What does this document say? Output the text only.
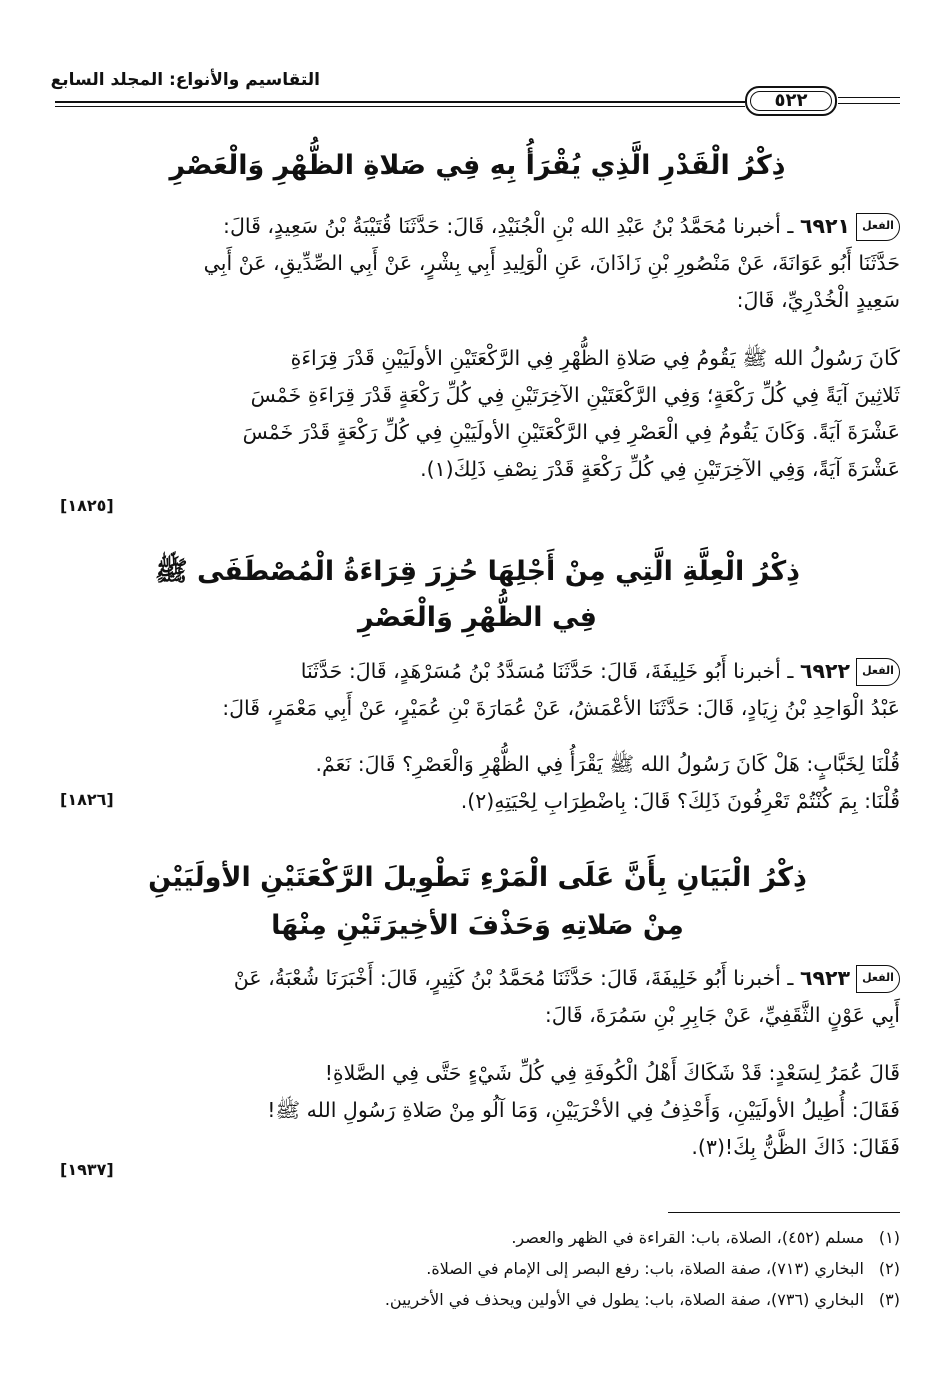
التقاسيم والأنواع: المجلد السابع
٥٢٢
ذِكْرُ الْقَدْرِ الَّذِي يُقْرَأُ بِهِ فِي صَلاةِ الظُّهْرِ وَالْعَصْرِ
الفعل٦٩٢١ ـ أخبرنا مُحَمَّدُ بْنُ عَبْدِ الله بْنِ الْجُنَيْدِ، قَالَ: حَدَّثَنَا قُتَيْبَةُ بْنُ سَعِيدٍ، قَالَ:
حَدَّثَنَا أَبُو عَوَانَةَ، عَنْ مَنْصُورِ بْنِ زَاذَانَ، عَنِ الْوَلِيدِ أَبِي بِشْرٍ، عَنْ أَبِي الصِّدِّيقِ، عَنْ أَبِي
سَعِيدٍ الْخُدْرِيِّ، قَالَ:
كَانَ رَسُولُ الله ﷺ يَقُومُ فِي صَلاةِ الظُّهْرِ فِي الرَّكْعَتَيْنِ الأولَيَيْنِ قَدْرَ قِرَاءَةِ
ثَلاثِينَ آيَةً فِي كُلِّ رَكْعَةٍ؛ وَفِي الرَّكْعَتَيْنِ الآخِرَتَيْنِ فِي كُلِّ رَكْعَةٍ قَدْرَ قِرَاءَةِ خَمْسَ
عَشْرَةَ آيَةً. وَكَانَ يَقُومُ فِي الْعَصْرِ فِي الرَّكْعَتَيْنِ الأولَيَيْنِ فِي كُلِّ رَكْعَةٍ قَدْرَ خَمْسَ
عَشْرَةَ آيَةً، وَفِي الآخِرَتَيْنِ فِي كُلِّ رَكْعَةٍ قَدْرَ نِصْفِ ذَلِكَ(١).
[١٨٢٥]
ذِكْرُ الْعِلَّةِ الَّتِي مِنْ أَجْلِهَا حُزِرَ قِرَاءَةُ الْمُصْطَفَى ﷺ
فِي الظُّهْرِ وَالْعَصْرِ
الفعل٦٩٢٢ ـ أخبرنا أَبُو خَلِيفَةَ، قَالَ: حَدَّثَنَا مُسَدَّدُ بْنُ مُسَرْهَدٍ، قَالَ: حَدَّثَنَا
عَبْدُ الْوَاحِدِ بْنُ زِيَادٍ، قَالَ: حَدَّثَنَا الأعْمَشُ، عَنْ عُمَارَةَ بْنِ عُمَيْرٍ، عَنْ أَبِي مَعْمَرٍ، قَالَ:
قُلْنَا لِخَبَّابٍ: هَلْ كَانَ رَسُولُ الله ﷺ يَقْرَأُ فِي الظُّهْرِ وَالْعَصْرِ؟ قَالَ: نَعَمْ.
قُلْنَا: بِمَ كُنْتُمْ تَعْرِفُونَ ذَلِكَ؟ قَالَ: بِاضْطِرَابِ لِحْيَتِهِ(٢).
[١٨٢٦]
ذِكْرُ الْبَيَانِ بِأَنَّ عَلَى الْمَرْءِ تَطْوِيلَ الرَّكْعَتَيْنِ الأولَيَيْنِ
مِنْ صَلاتِهِ وَحَذْفَ الأخِيرَتَيْنِ مِنْهَا
الفعل٦٩٢٣ ـ أخبرنا أَبُو خَلِيفَةَ، قَالَ: حَدَّثَنَا مُحَمَّدُ بْنُ كَثِيرٍ، قَالَ: أَخْبَرَنَا شُعْبَةُ، عَنْ
أَبِي عَوْنٍ الثَّقَفِيِّ، عَنْ جَابِرِ بْنِ سَمُرَةَ، قَالَ:
قَالَ عُمَرُ لِسَعْدٍ: قَدْ شَكَاكَ أَهْلُ الْكُوفَةِ فِي كُلِّ شَيْءٍ حَتَّى فِي الصَّلاةِ!
فَقَالَ: أُطِيلُ الأولَيَيْنِ، وَأَحْذِفُ فِي الأخْرَيَيْنِ، وَمَا آلُو مِنْ صَلاةِ رَسُولِ الله ﷺ!
فَقَالَ: ذَاكَ الظَّنُّ بِكَ!(٣).
[١٩٣٧]
(١)مسلم (٤٥٢)، الصلاة، باب: القراءة في الظهر والعصر.
(٢)البخاري (٧١٣)، صفة الصلاة، باب: رفع البصر إلى الإمام في الصلاة.
(٣)البخاري (٧٣٦)، صفة الصلاة، باب: يطول في الأولين ويحذف في الأخريين.
